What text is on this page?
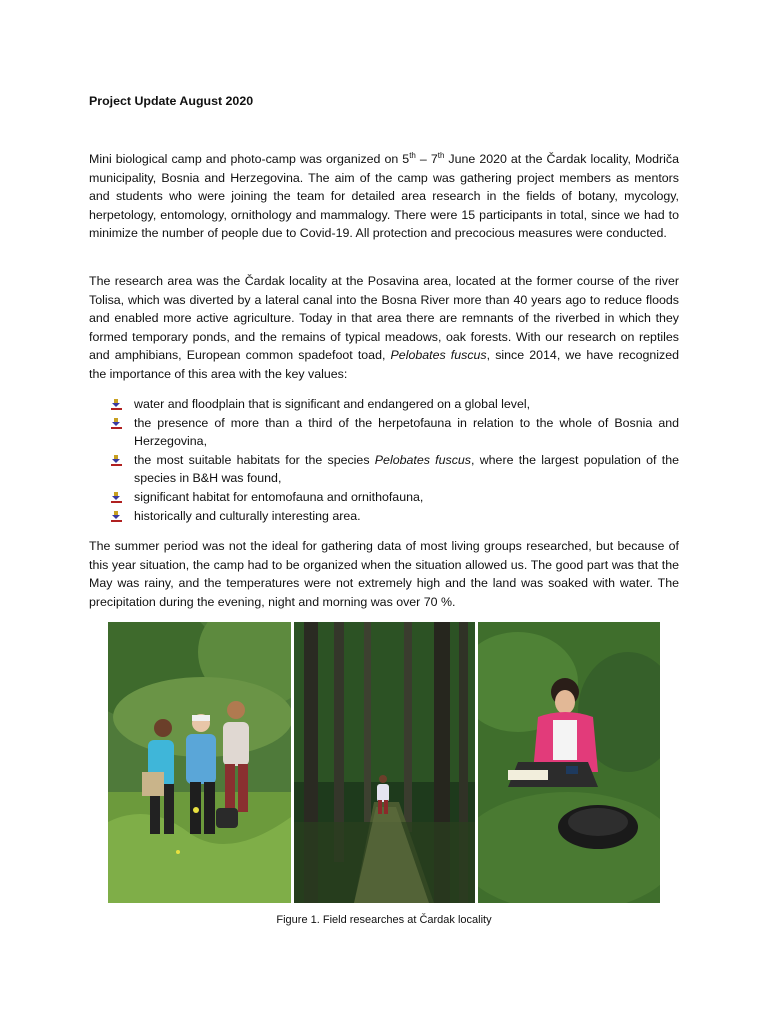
Project Update August 2020

Mini biological camp and photo-camp was organized on 5th – 7th June 2020 at the Čardak locality, Modriča municipality, Bosnia and Herzegovina. The aim of the camp was gathering project members as mentors and students who were joining the team for detailed area research in the fields of botany, mycology, herpetology, entomology, ornithology and mammalogy. There were 15 participants in total, since we had to minimize the number of people due to Covid-19. All protection and precocious measures were conducted.

The research area was the Čardak locality at the Posavina area, located at the former course of the river Tolisa, which was diverted by a lateral canal into the Bosna River more than 40 years ago to reduce floods and enabled more active agriculture. Today in that area there are remnants of the riverbed in which they formed temporary ponds, and the remains of typical meadows, oak forests. With our research on reptiles and amphibians, European common spadefoot toad, Pelobates fuscus, since 2014, we have recognized the importance of this area with the key values:

water and floodplain that is significant and endangered on a global level,
the presence of more than a third of the herpetofauna in relation to the whole of Bosnia and Herzegovina,
the most suitable habitats for the species Pelobates fuscus, where the largest population of the species in B&H was found,
significant habitat for entomofauna and ornithofauna,
historically and culturally interesting area.

The summer period was not the ideal for gathering data of most living groups researched, but because of this year situation, the camp had to be organized when the situation allowed us. The good part was that the May was rainy, and the temperatures were not extremely high and the land was soaked with water. The precipitation during the evening, night and morning was over 70 %.

Figure 1. Field researches at Čardak locality
